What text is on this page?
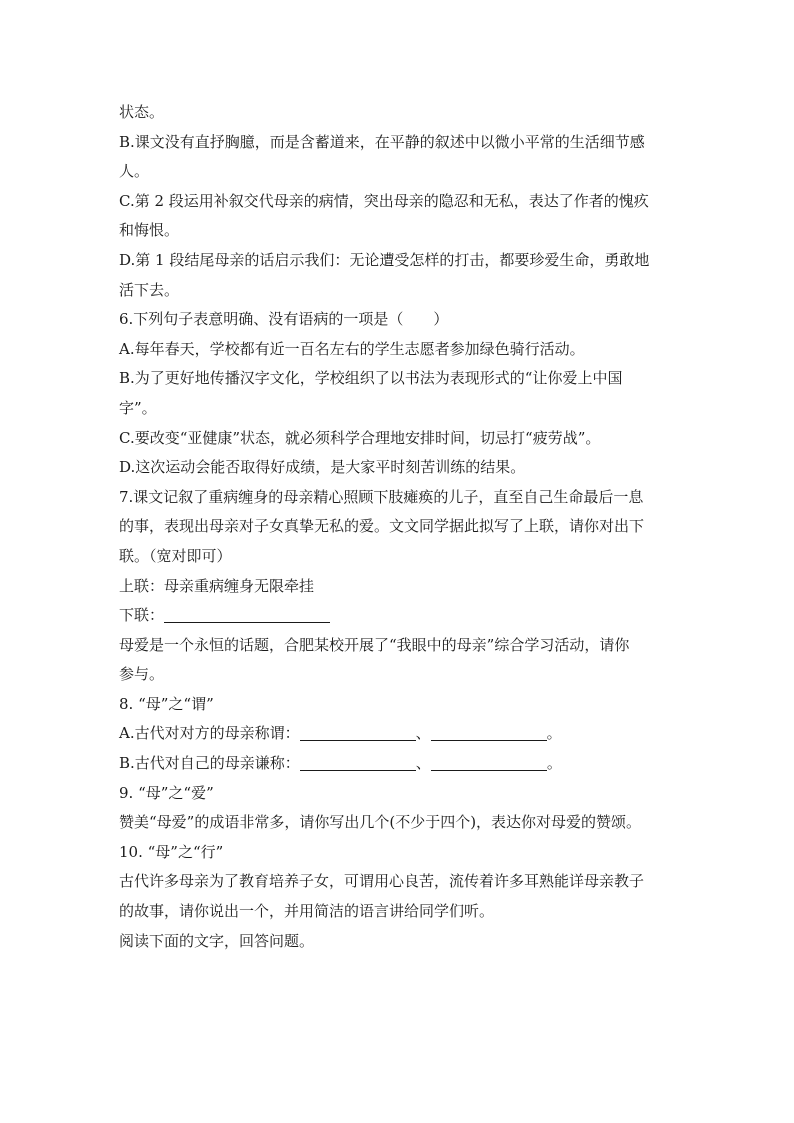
状态。
B.课文没有直抒胸臆，而是含蓄道来，在平静的叙述中以微小平常的生活细节感
人。
C.第 2 段运用补叙交代母亲的病情，突出母亲的隐忍和无私，表达了作者的愧疚
和悔恨。
D.第 1 段结尾母亲的话启示我们：无论遭受怎样的打击，都要珍爱生命，勇敢地
活下去。
6.下列句子表意明确、没有语病的一项是（　　）
A.每年春天，学校都有近一百名左右的学生志愿者参加绿色骑行活动。
B.为了更好地传播汉字文化，学校组织了以书法为表现形式的“让你爱上中国
字”。
C.要改变“亚健康”状态，就必须科学合理地安排时间，切忌打“疲劳战”。
D.这次运动会能否取得好成绩，是大家平时刻苦训练的结果。
7.课文记叙了重病缠身的母亲精心照顾下肢瘫痪的儿子，直至自己生命最后一息
的事，表现出母亲对子女真挚无私的爱。文文同学据此拟写了上联，请你对出下
联。（宽对即可）
上联：母亲重病缠身无限牵挂
下联：
母爱是一个永恒的话题，合肥某校开展了“我眼中的母亲”综合学习活动，请你
参与。
8. “母”之“谓”
A.古代对对方的母亲称谓：	、	。
B.古代对自己的母亲谦称：	、	。
9. “母”之“爱”
赞美“母爱”的成语非常多，请你写出几个(不少于四个)，表达你对母爱的赞颂。
10. “母”之“行”
古代许多母亲为了教育培养子女，可谓用心良苦，流传着许多耳熟能详母亲教子
的故事，请你说出一个，并用简洁的语言讲给同学们听。
阅读下面的文字，回答问题。
